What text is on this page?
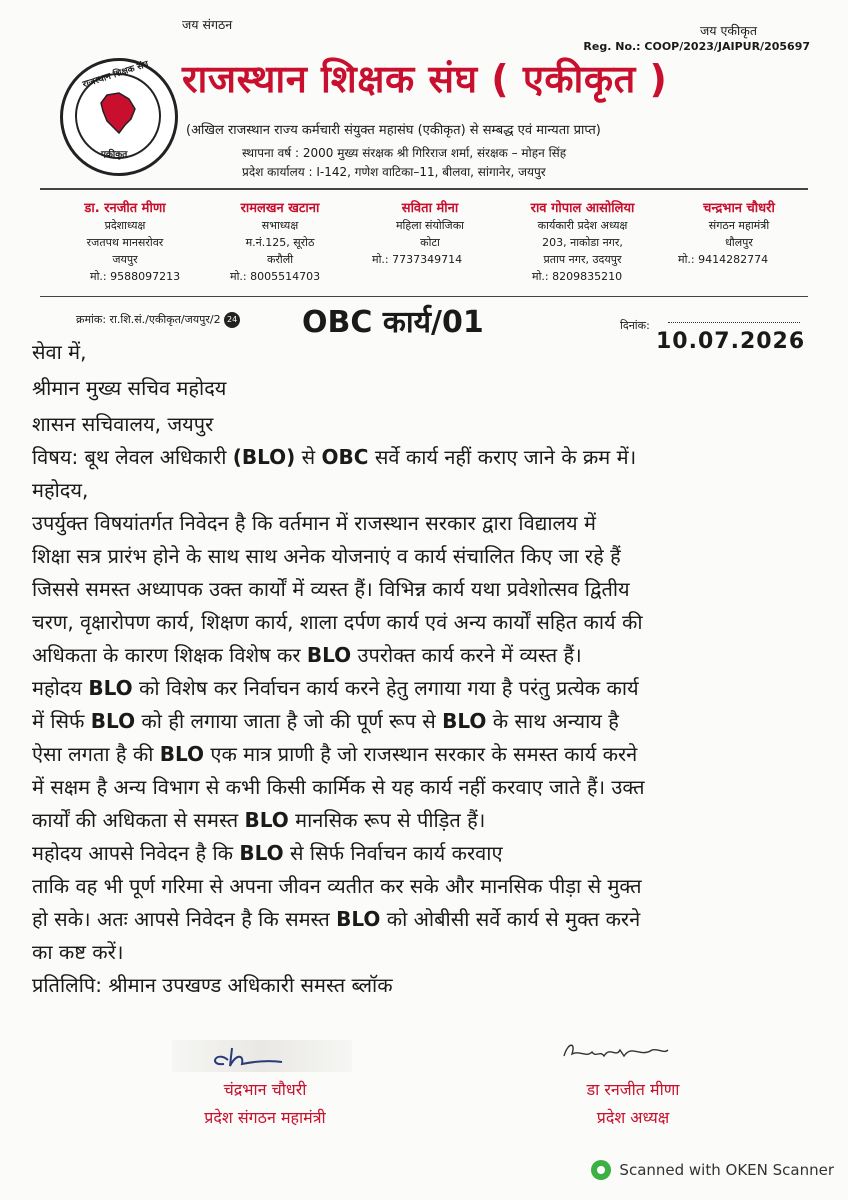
जय संगठन	जय एकीकृत
Reg. No.: COOP/2023/JAIPUR/205697
राजस्थान शिक्षक संघ
एकीकृत
राजस्थान शिक्षक संघ ( एकीकृत )
(अखिल राजस्थान राज्य कर्मचारी संयुक्त महासंघ (एकीकृत) से सम्बद्ध एवं मान्यता प्राप्त)
स्थापना वर्ष : 2000 मुख्य संरक्षक श्री गिरिराज शर्मा, संरक्षक – मोहन सिंह
प्रदेश कार्यालय : I-142, गणेश वाटिका–11, बीलवा, सांगानेर, जयपुर
डा. रनजीत मीणा
प्रदेशाध्यक्ष
रजतपथ मानसरोवर
जयपुर
मो.: 9588097213
रामलखन खटाना
सभाध्यक्ष
म.नं.125, सूरोठ
करौली
मो.: 8005514703
सविता मीना
महिला संयोजिका
कोटा
मो.: 7737349714
राव गोपाल आसोलिया
कार्यकारी प्रदेश अध्यक्ष
203, नाकोडा नगर,
प्रताप नगर, उदयपुर
मो.: 8209835210
चन्द्रभान चौधरी
संगठन महामंत्री
धौलपुर
मो.: 9414282774
क्रमांक: रा.शि.सं./एकीकृत/जयपुर/2 24 OBC कार्य/01	दिनांक:
10.07.2026
सेवा में,
श्रीमान मुख्य सचिव महोदय
शासन सचिवालय, जयपुर
विषय: बूथ लेवल अधिकारी (BLO) से OBC सर्वे कार्य नहीं कराए जाने के क्रम में।
महोदय,
उपर्युक्त विषयांतर्गत निवेदन है कि वर्तमान में राजस्थान सरकार द्वारा विद्यालय में
शिक्षा सत्र प्रारंभ होने के साथ साथ अनेक योजनाएं व कार्य संचालित किए जा रहे हैं
जिससे समस्त अध्यापक उक्त कार्यों में व्यस्त हैं। विभिन्न कार्य यथा प्रवेशोत्सव द्वितीय
चरण, वृक्षारोपण कार्य, शिक्षण कार्य, शाला दर्पण कार्य एवं अन्य कार्यों सहित कार्य की
अधिकता के कारण शिक्षक विशेष कर BLO उपरोक्त कार्य करने में व्यस्त हैं।
महोदय BLO को विशेष कर निर्वाचन कार्य करने हेतु लगाया गया है परंतु प्रत्येक कार्य
में सिर्फ BLO को ही लगाया जाता है जो की पूर्ण रूप से BLO के साथ अन्याय है
ऐसा लगता है की BLO एक मात्र प्राणी है जो राजस्थान सरकार के समस्त कार्य करने
में सक्षम है अन्य विभाग से कभी किसी कार्मिक से यह कार्य नहीं करवाए जाते हैं। उक्त
कार्यों की अधिकता से समस्त BLO मानसिक रूप से पीड़ित हैं।
महोदय आपसे निवेदन है कि BLO से सिर्फ निर्वाचन कार्य करवाए
ताकि वह भी पूर्ण गरिमा से अपना जीवन व्यतीत कर सके और मानसिक पीड़ा से मुक्त
हो सके। अतः आपसे निवेदन है कि समस्त BLO को ओबीसी सर्वे कार्य से मुक्त करने
का कष्ट करें।
प्रतिलिपि: श्रीमान उपखण्ड अधिकारी समस्त ब्लॉक
चंद्रभान चौधरी
प्रदेश संगठन महामंत्री
डा रनजीत मीणा
प्रदेश अध्यक्ष
Scanned with OKEN Scanner
